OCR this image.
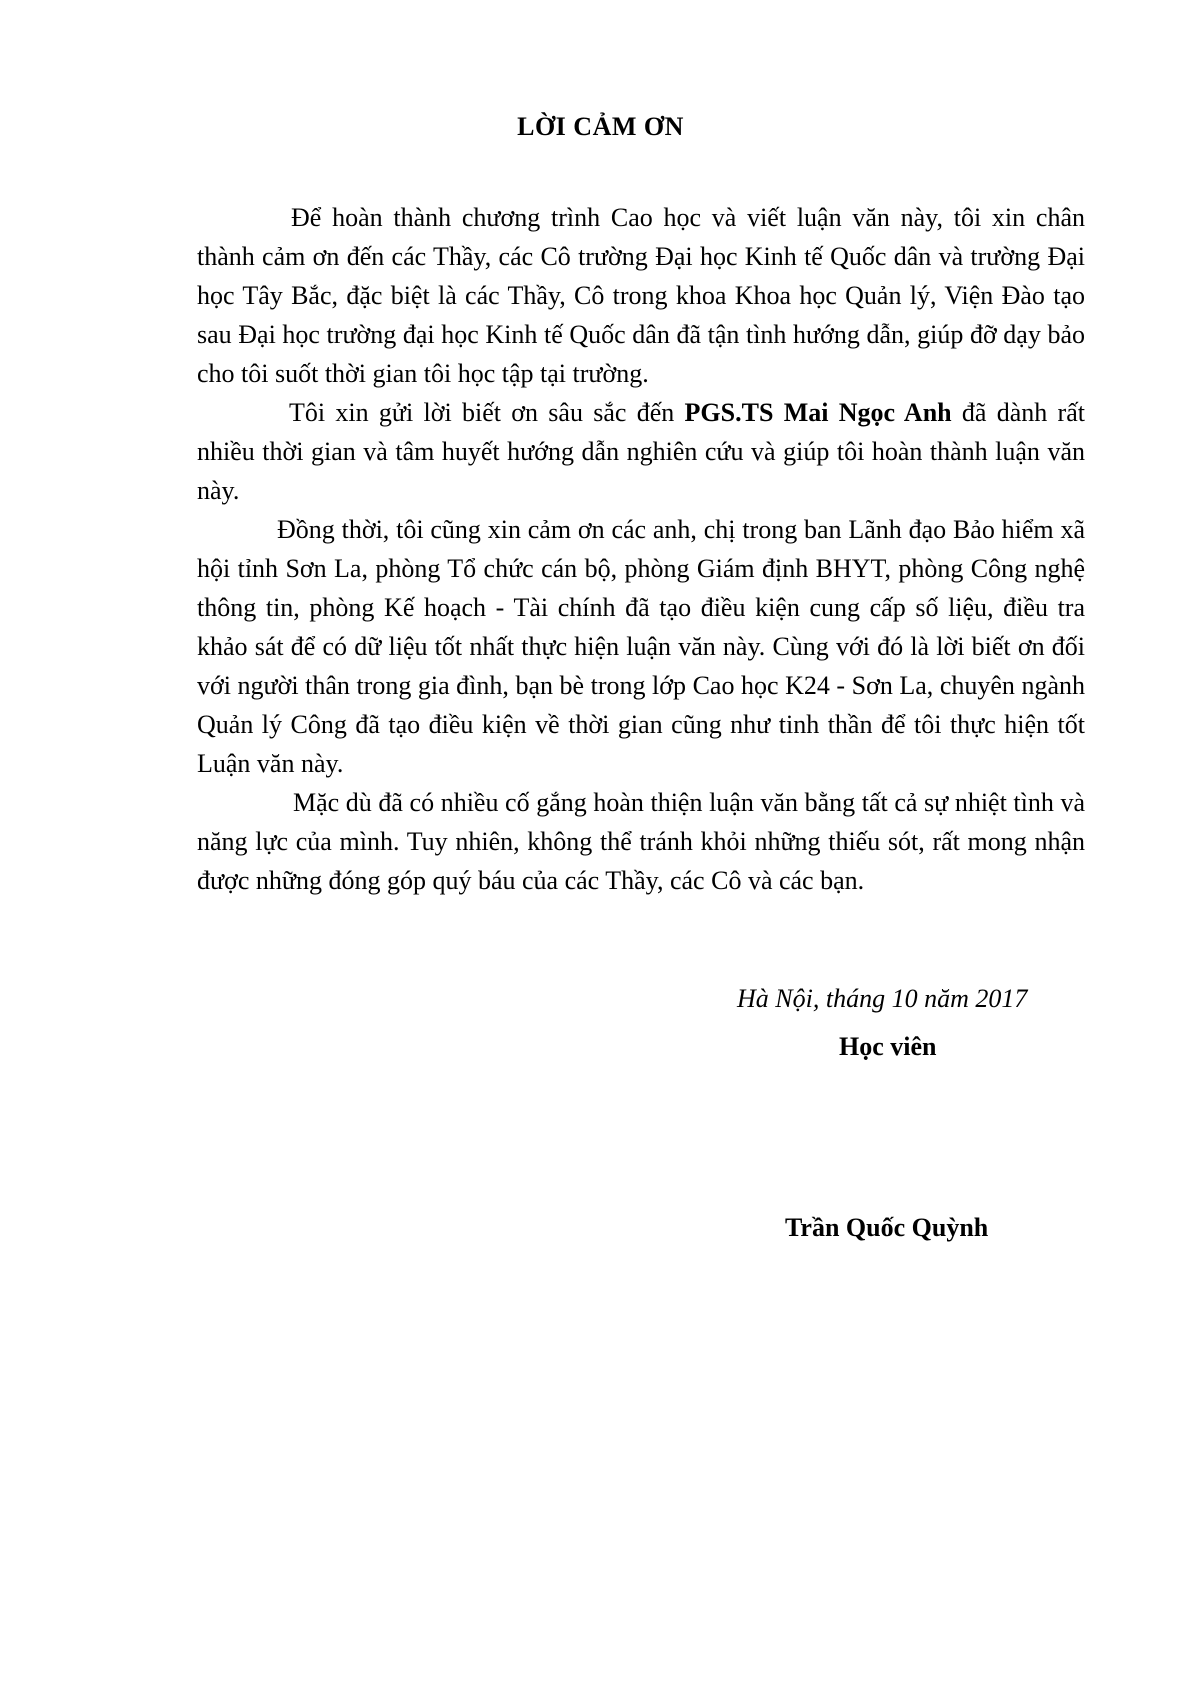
LỜI CẢM ƠN

Để hoàn thành chương trình Cao học và viết luận văn này, tôi xin chân thành cảm ơn đến các Thầy, các Cô trường Đại học Kinh tế Quốc dân và trường Đại học Tây Bắc, đặc biệt là các Thầy, Cô trong khoa Khoa học Quản lý, Viện Đào tạo sau Đại học trường đại học Kinh tế Quốc dân đã tận tình hướng dẫn, giúp đỡ dạy bảo cho tôi suốt thời gian tôi học tập tại trường.

Tôi xin gửi lời biết ơn sâu sắc đến PGS.TS Mai Ngọc Anh đã dành rất nhiều thời gian và tâm huyết hướng dẫn nghiên cứu và giúp tôi hoàn thành luận văn này.

Đồng thời, tôi cũng xin cảm ơn các anh, chị trong ban Lãnh đạo Bảo hiểm xã hội tỉnh Sơn La, phòng Tổ chức cán bộ, phòng Giám định BHYT, phòng Công nghệ thông tin, phòng Kế hoạch - Tài chính đã tạo điều kiện cung cấp số liệu, điều tra khảo sát để có dữ liệu tốt nhất thực hiện luận văn này. Cùng với đó là lời biết ơn đối với người thân trong gia đình, bạn bè trong lớp Cao học K24 - Sơn La, chuyên ngành Quản lý Công đã tạo điều kiện về thời gian cũng như tinh thần để tôi thực hiện tốt Luận văn này.

Mặc dù đã có nhiều cố gắng hoàn thiện luận văn bằng tất cả sự nhiệt tình và năng lực của mình. Tuy nhiên, không thể tránh khỏi những thiếu sót, rất mong nhận được những đóng góp quý báu của các Thầy, các Cô và các bạn.

Hà Nội, tháng 10 năm 2017
Học viên
Trần Quốc Quỳnh
